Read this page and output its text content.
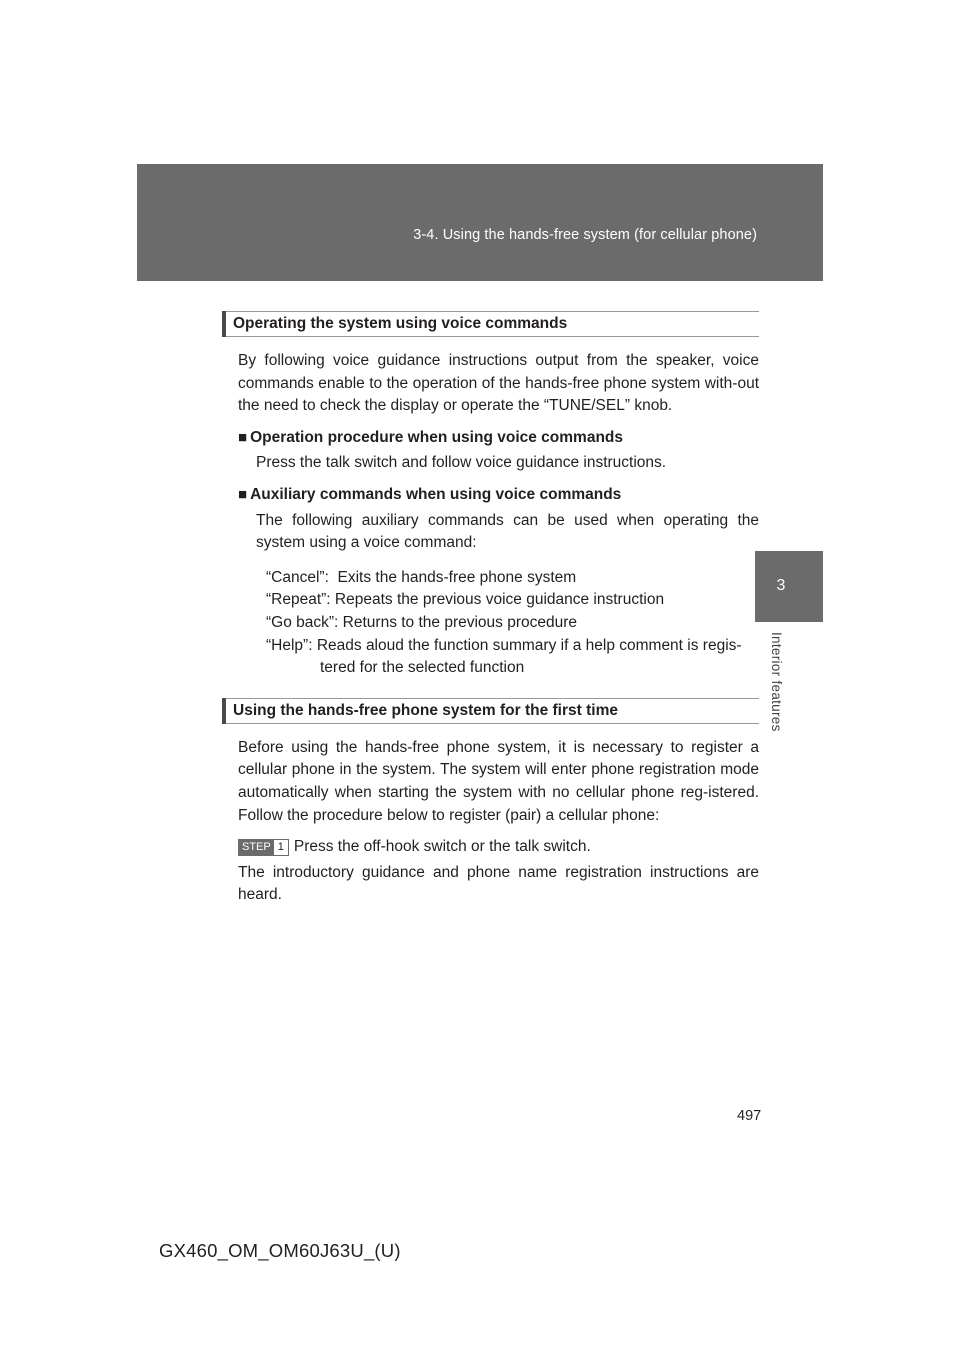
3-4. Using the hands-free system (for cellular phone)
3
Interior features
Operating the system using voice commands

By following voice guidance instructions output from the speaker, voice commands enable to the operation of the hands-free phone system with-out the need to check the display or operate the “TUNE/SEL” knob.

■ Operation procedure when using voice commands

Press the talk switch and follow voice guidance instructions.

■ Auxiliary commands when using voice commands

The following auxiliary commands can be used when operating the system using a voice command:

“Cancel”: Exits the hands-free phone system
“Repeat”: Repeats the previous voice guidance instruction
“Go back”: Returns to the previous procedure
“Help”: Reads aloud the function summary if a help comment is regis-
tered for the selected function
Using the hands-free phone system for the first time

Before using the hands-free phone system, it is necessary to register a cellular phone in the system. The system will enter phone registration mode automatically when starting the system with no cellular phone reg-istered. Follow the procedure below to register (pair) a cellular phone:

STEP 1 Press the off-hook switch or the talk switch.

The introductory guidance and phone name registration instructions are heard.

497
GX460_OM_OM60J63U_(U)
